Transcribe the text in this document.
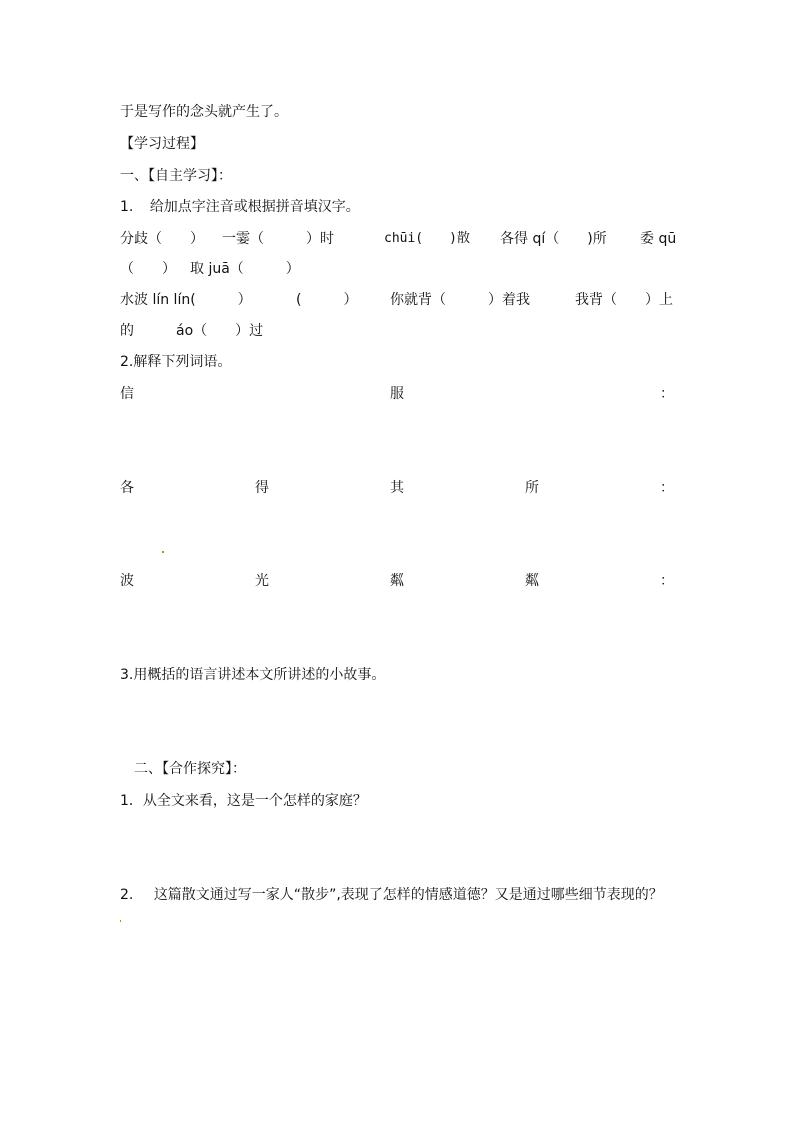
于是写作的念头就产生了。
【学习过程】
一、【自主学习】：
1. 给加点字注音或根据拼音填汉字。
分歧（　　） 一霎（　　　）时	chūi(　　)散 各得 qí（　　)所 委 qū
（　　） 取 juā（　　　）
水波 lín lín(　　　）	(　　　） 你就背（　　　）着我	我背（　　）上
的	áo（　　）过
2.解释下列词语。
信	服	：
各	得	其	所	：
波	光	粼	粼	：
3.用概括的语言讲述本文所讲述的小故事。
二、【合作探究】：
1．从全文来看，这是一个怎样的家庭？
2. 这篇散文通过写一家人“散步”,表现了怎样的情感道德？又是通过哪些细节表现的？
